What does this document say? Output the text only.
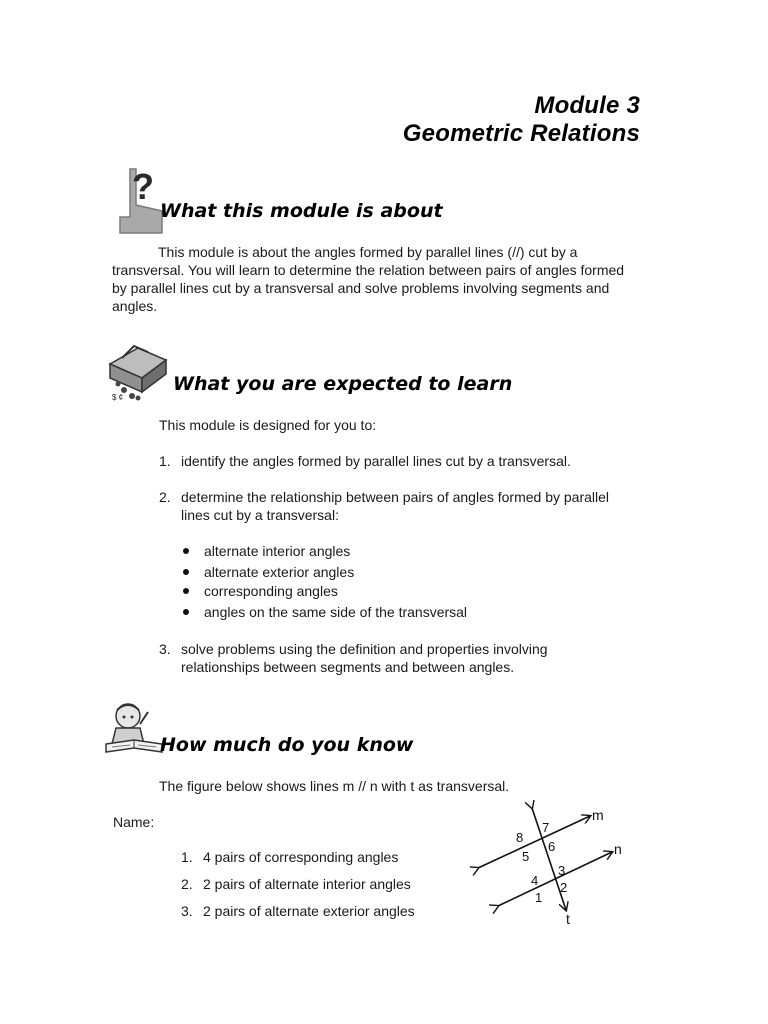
Module 3
Geometric Relations
?
What this module is about
This module is about the angles formed by parallel lines (//) cut by a transversal. You will learn to determine the relation between pairs of angles formed by parallel lines cut by a transversal and solve problems involving segments and angles.
$ ¢
What you are expected to learn
This module is designed for you to:
1. identify the angles formed by parallel lines cut by a transversal.
2. determine the relationship between pairs of angles formed by parallel
lines cut by a transversal:
alternate interior angles
alternate exterior angles
corresponding angles
angles on the same side of the transversal
3. solve problems using the definition and properties involving
relationships between segments and between angles.
How much do you know
The figure below shows lines m // n with t as transversal.
Name:
1. 4 pairs of corresponding angles
2. 2 pairs of alternate interior angles
3. 2 pairs of alternate exterior angles
m
n
t
7
8
6
5
3
4 2
1
